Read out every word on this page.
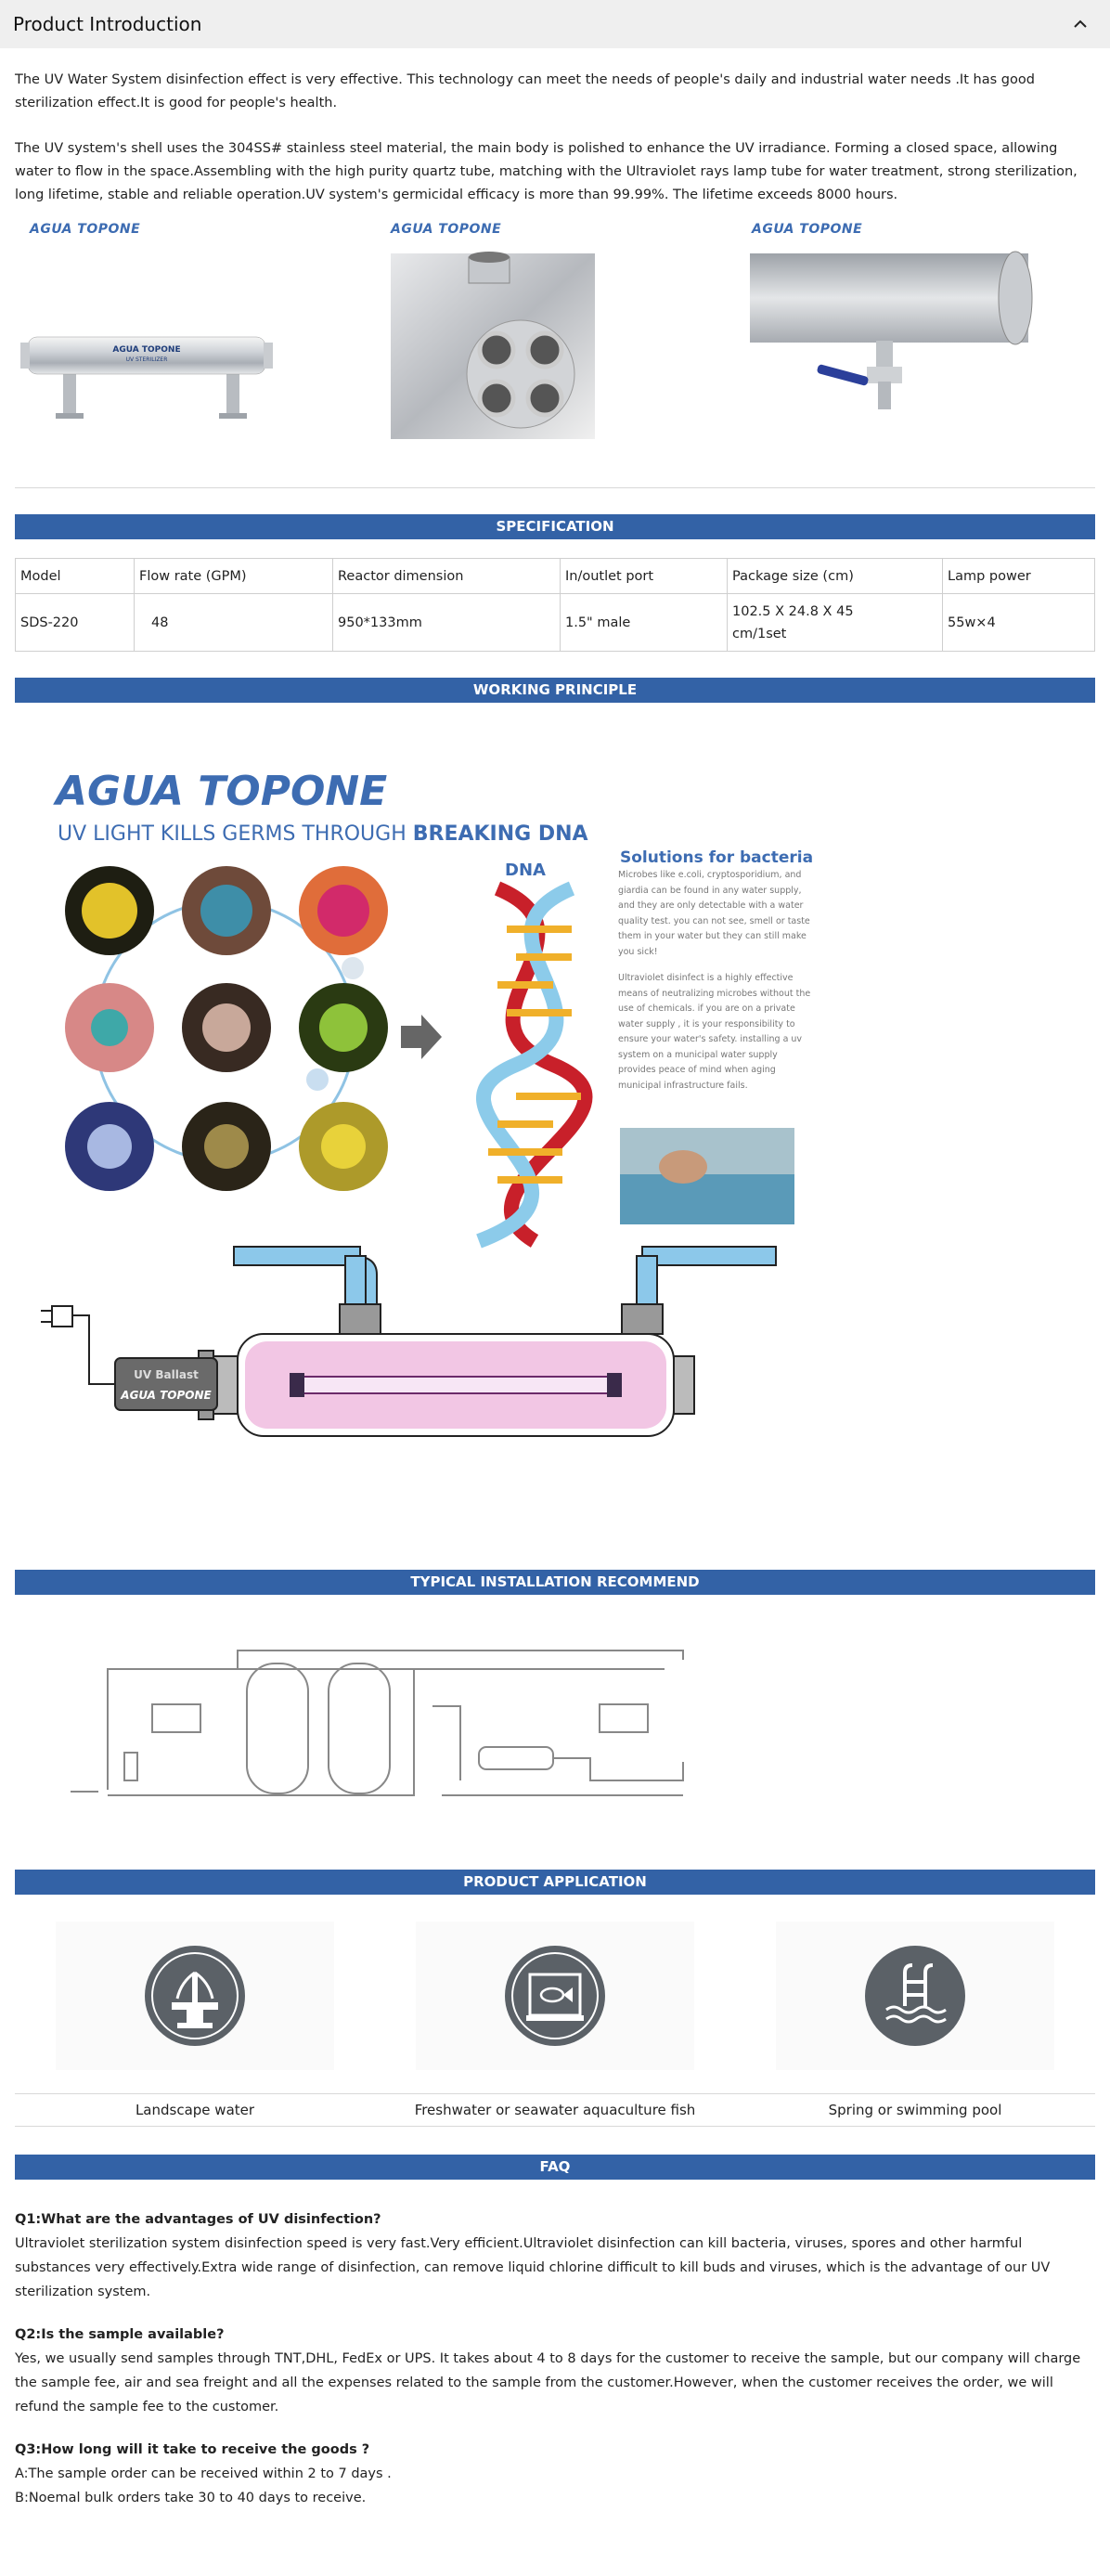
Product Introduction

The UV Water System disinfection effect is very effective. This technology can meet the needs of people's daily and industrial water needs .It has good sterilization effect.It is good for people's health.

The UV system's shell uses the 304SS# stainless steel material, the main body is polished to enhance the UV irradiance. Forming a closed space, allowing water to flow in the space.Assembling with the high purity quartz tube, matching with the Ultraviolet rays lamp tube for water treatment, strong sterilization, long lifetime, stable and reliable operation.UV system's germicidal efficacy is more than 99.99%. The lifetime exceeds 8000 hours.

AGUA TOPONE
AGUA TOPONE
UV STERILIZER
AGUA TOPONE	AGUA TOPONE
SPECIFICATION
Model	Flow rate (GPM)	Reactor dimension	In/outlet port	Package size (cm)	Lamp power
SDS-220	48	950*133mm	1.5" male	102.5 X 24.8 X 45 cm/1set	55w×4
WORKING PRINCIPLE
AGUA TOPONE
UV LIGHT KILLS GERMS THROUGH BREAKING DNA
DNA
Solutions for bacteria
Microbes like e.coli, cryptosporidium, and giardia can be found in any water supply, and they are only detectable with a water quality test. you can not see, smell or taste them in your water but they can still make you sick!
Ultraviolet disinfect is a highly effective means of neutralizing microbes without the use of chemicals. if you are on a private water supply , it is your responsibility to ensure your water's safety. installing a uv system on a municipal water supply provides peace of mind when aging municipal infrastructure fails.
UV Ballast
AGUA TOPONE
TYPICAL INSTALLATION RECOMMEND
PRODUCT APPLICATION
Landscape water	Freshwater or seawater aquaculture fish	Spring or swimming pool
FAQ
Q1:What are the advantages of UV disinfection?
Ultraviolet sterilization system disinfection speed is very fast.Very efficient.Ultraviolet disinfection can kill bacteria, viruses, spores and other harmful substances very effectively.Extra wide range of disinfection, can remove liquid chlorine difficult to kill buds and viruses, which is the advantage of our UV sterilization system.
Q2:Is the sample available?
Yes, we usually send samples through TNT,DHL, FedEx or UPS. It takes about 4 to 8 days for the customer to receive the sample, but our company will charge the sample fee, air and sea freight and all the expenses related to the sample from the customer.However, when the customer receives the order, we will refund the sample fee to the customer.
Q3:How long will it take to receive the goods ?
A:The sample order can be received within 2 to 7 days .
B:Noemal bulk orders take 30 to 40 days to receive.
